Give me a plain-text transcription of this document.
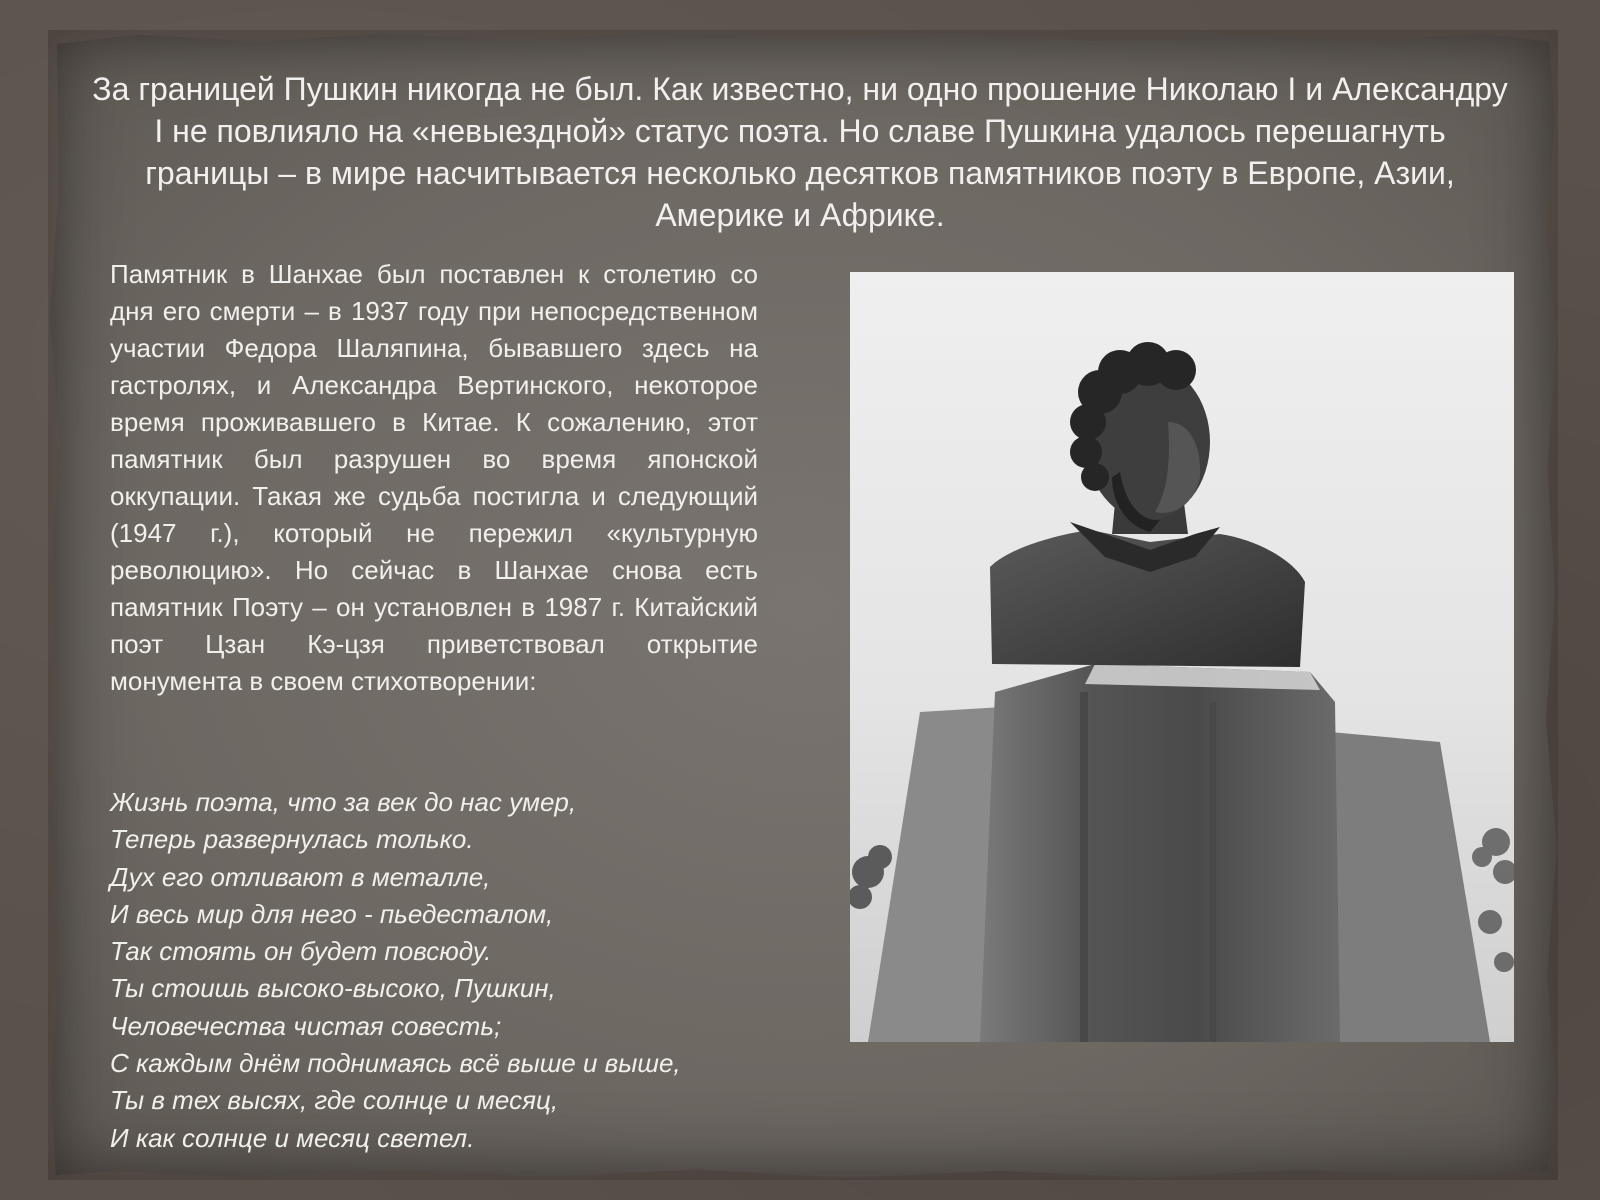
За границей Пушкин никогда не был. Как известно, ни одно прошение Николаю I и Александру I не повлияло на «невыездной» статус поэта. Но славе Пушкина удалось перешагнуть границы – в мире насчитывается несколько десятков памятников поэту в Европе, Азии, Америке и Африке.
Памятник в Шанхае был поставлен к столетию со дня его смерти – в 1937 году при непосредственном участии Федора Шаляпина, бывавшего здесь на гастролях, и Александра Вертинского, некоторое время проживавшего в Китае. К сожалению, этот памятник был разрушен во время японской оккупации. Такая же судьба постигла и следующий (1947 г.), который не пережил «культурную революцию». Но сейчас в Шанхае снова есть памятник Поэту – он установлен в 1987 г. Китайский поэт Цзан Кэ-цзя приветствовал открытие монумента в своем стихотворении:
Жизнь поэта, что за век до нас умер,
Теперь развернулась только.
Дух его отливают в металле,
И весь мир для него - пьедесталом,
Так стоять он будет повсюду.
Ты стоишь высоко-высоко, Пушкин,
Человечества чистая совесть;
С каждым днём поднимаясь всё выше и выше,
Ты в тех высях, где солнце и месяц,
И как солнце и месяц светел.
